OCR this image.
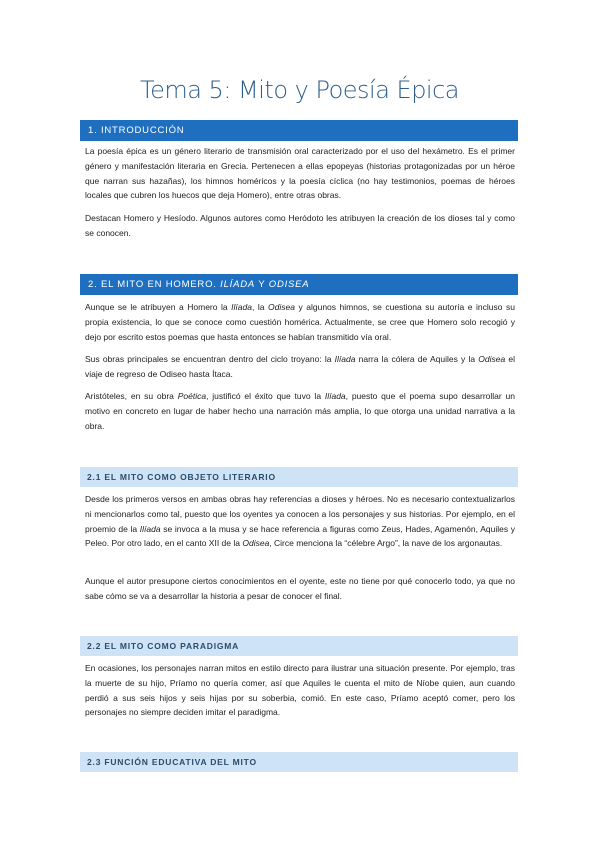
Tema 5: Mito y Poesía Épica
1. INTRODUCCIÓN

La poesía épica es un género literario de transmisión oral caracterizado por el uso del hexámetro. Es el primer género y manifestación literaria en Grecia. Pertenecen a ellas epopeyas (historias protagonizadas por un héroe que narran sus hazañas), los himnos homéricos y la poesía cíclica (no hay testimonios, poemas de héroes locales que cubren los huecos que deja Homero), entre otras obras.

Destacan Homero y Hesíodo. Algunos autores como Heródoto les atribuyen la creación de los dioses tal y como se conocen.

2. EL MITO EN HOMERO. ILÍADA Y ODISEA

Aunque se le atribuyen a Homero la Ilíada, la Odisea y algunos himnos, se cuestiona su autoría e incluso su propia existencia, lo que se conoce como cuestión homérica. Actualmente, se cree que Homero solo recogió y dejo por escrito estos poemas que hasta entonces se habían transmitido vía oral.

Sus obras principales se encuentran dentro del ciclo troyano: la Ilíada narra la cólera de Aquiles y la Odisea el viaje de regreso de Odiseo hasta Ítaca.

Aristóteles, en su obra Poética, justificó el éxito que tuvo la Ilíada, puesto que el poema supo desarrollar un motivo en concreto en lugar de haber hecho una narración más amplia, lo que otorga una unidad narrativa a la obra.

2.1 EL MITO COMO OBJETO LITERARIO

Desde los primeros versos en ambas obras hay referencias a dioses y héroes. No es necesario contextualizarlos ni mencionarlos como tal, puesto que los oyentes ya conocen a los personajes y sus historias. Por ejemplo, en el proemio de la Ilíada se invoca a la musa y se hace referencia a figuras como Zeus, Hades, Agamenón, Aquiles y Peleo. Por otro lado, en el canto XII de la Odisea, Circe menciona la “célebre Argo”, la nave de los argonautas.

Aunque el autor presupone ciertos conocimientos en el oyente, este no tiene por qué conocerlo todo, ya que no sabe cómo se va a desarrollar la historia a pesar de conocer el final.

2.2 EL MITO COMO PARADIGMA

En ocasiones, los personajes narran mitos en estilo directo para ilustrar una situación presente. Por ejemplo, tras la muerte de su hijo, Príamo no quería comer, así que Aquiles le cuenta el mito de Níobe quien, aun cuando perdió a sus seis hijos y seis hijas por su soberbia, comió. En este caso, Príamo aceptó comer, pero los personajes no siempre deciden imitar el paradigma.

2.3 FUNCIÓN EDUCATIVA DEL MITO
